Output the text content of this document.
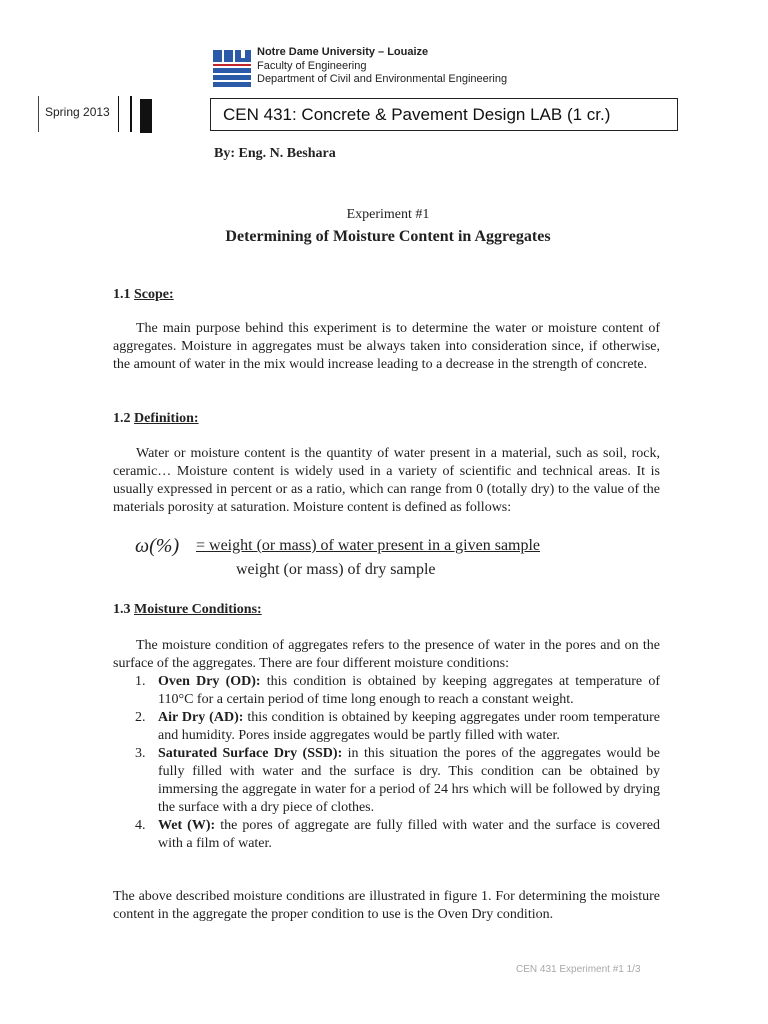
Notre Dame University – Louaize
Faculty of Engineering
Department of Civil and Environmental Engineering
Spring 2013	CEN 431: Concrete & Pavement Design LAB (1 cr.)
By: Eng. N. Beshara
Experiment #1
Determining of Moisture Content in Aggregates
1.1 Scope:

The main purpose behind this experiment is to determine the water or moisture content of aggregates. Moisture in aggregates must be always taken into consideration since, if otherwise, the amount of water in the mix would increase leading to a decrease in the strength of concrete.

1.2 Definition:

Water or moisture content is the quantity of water present in a material, such as soil, rock, ceramic… Moisture content is widely used in a variety of scientific and technical areas. It is usually expressed in percent or as a ratio, which can range from 0 (totally dry) to the value of the materials porosity at saturation. Moisture content is defined as follows:

ω(%) = weight (or mass) of water present in a given sample
weight (or mass) of dry sample
1.3 Moisture Conditions:

The moisture condition of aggregates refers to the presence of water in the pores and on the surface of the aggregates. There are four different moisture conditions:

1. Oven Dry (OD): this condition is obtained by keeping aggregates at temperature of 110°C for a certain period of time long enough to reach a constant weight.
2. Air Dry (AD): this condition is obtained by keeping aggregates under room temperature and humidity. Pores inside aggregates would be partly filled with water.
3. Saturated Surface Dry (SSD): in this situation the pores of the aggregates would be fully filled with water and the surface is dry. This condition can be obtained by immersing the aggregate in water for a period of 24 hrs which will be followed by drying the surface with a dry piece of clothes.
4. Wet (W): the pores of aggregate are fully filled with water and the surface is covered with a film of water.

The above described moisture conditions are illustrated in figure 1. For determining the moisture content in the aggregate the proper condition to use is the Oven Dry condition.

CEN 431 Experiment #1 1/3
